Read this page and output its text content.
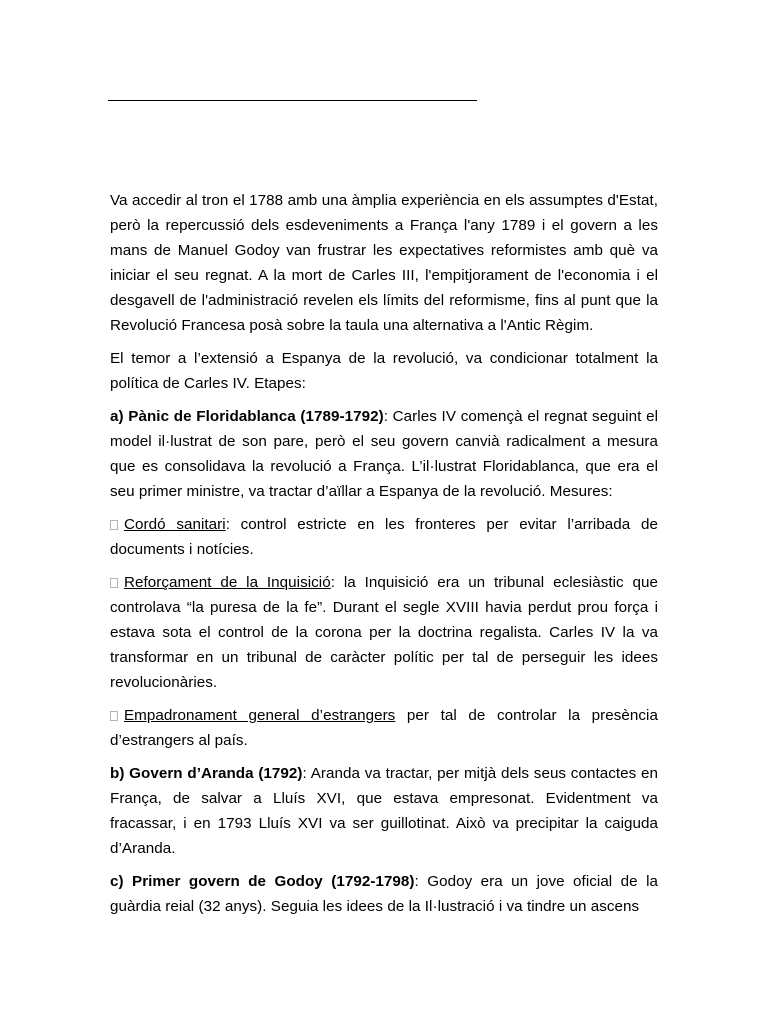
Va accedir al tron el 1788 amb una àmplia experiència en els assumptes d'Estat, però la repercussió dels esdeveniments a França l'any 1789 i el govern a les mans de Manuel Godoy van frustrar les expectatives reformistes amb què va iniciar el seu regnat. A la mort de Carles III, l'empitjorament de l'economia i el desgavell de l'administració revelen els límits del reformisme, fins al punt que la Revolució Francesa posà sobre la taula una alternativa a l'Antic Règim.

El temor a l’extensió a Espanya de la revolució, va condicionar totalment la política de Carles IV. Etapes:

a) Pànic de Floridablanca (1789-1792): Carles IV començà el regnat seguint el model il·lustrat de son pare, però el seu govern canvià radicalment a mesura que es consolidava la revolució a França. L’il·lustrat Floridablanca, que era el seu primer ministre, va tractar d’aïllar a Espanya de la revolució. Mesures:

Cordó sanitari: control estricte en les fronteres per evitar l’arribada de documents i notícies.

Reforçament de la Inquisició: la Inquisició era un tribunal eclesiàstic que controlava “la puresa de la fe”. Durant el segle XVIII havia perdut prou força i estava sota el control de la corona per la doctrina regalista. Carles IV la va transformar en un tribunal de caràcter polític per tal de perseguir les idees revolucionàries.

Empadronament general d’estrangers per tal de controlar la presència d’estrangers al país.

b) Govern d’Aranda (1792): Aranda va tractar, per mitjà dels seus contactes en França, de salvar a Lluís XVI, que estava empresonat. Evidentment va fracassar, i en 1793 Lluís XVI va ser guillotinat. Això va precipitar la caiguda d’Aranda.

c) Primer govern de Godoy (1792-1798): Godoy era un jove oficial de la guàrdia reial (32 anys). Seguia les idees de la Il·lustració i va tindre un ascens
